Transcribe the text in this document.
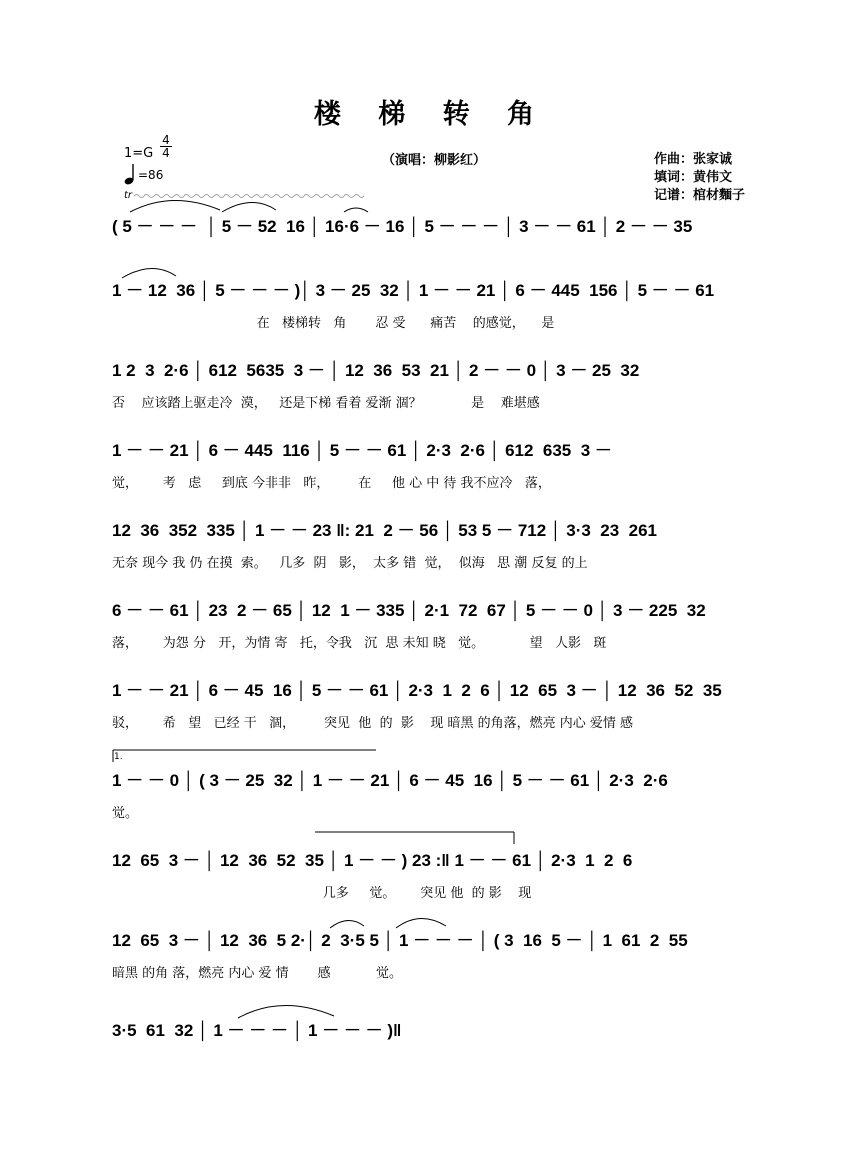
楼 梯 转 角
1=G
4
4
=86
tr
（演唱：柳影红）	作曲：张家诚
填词：黄伟文
记谱：棺材麵子
( 5 － － －  │ 5 － 52  16 │ 16·6 － 16 │ 5 － － － │ 3 － － 61 │ 2 － － 35
1 － 12  36 │ 5 － － － )│ 3 － 25  32 │ 1 － － 21 │ 6 － 445  156 │ 5 － － 61
在   楼梯转   角       忍 受      痛苦    的感觉，    是
1 2  3  2·6 │ 612  5635  3 － │ 12  36  53  21 │ 2 － － 0 │ 3 － 25  32
否    应该踏上驱走冷  漠，   还是下梯 看着 爱渐 涸？            是    难堪感
1 － － 21 │ 6 － 445  116 │ 5 － － 61 │ 2·3  2·6 │ 612  635  3 －
觉，      考   虑     到底 今非非   昨，       在     他 心 中 待 我不应冷   落，
12  36  352  335 │ 1 － － 23 ‖: 21  2 － 56 │ 53 5 － 712 │ 3·3  23  261
无奈 现今 我 仍 在摸  索。   几多  阴   影，  太多 错  觉，  似海   思 潮 反复 的上
6 － － 61 │ 23  2 － 65 │ 12  1 － 335 │ 2·1  72  67 │ 5 － － 0 │ 3 － 225  32
落，      为怨 分   开，为情 寄   托，令我   沉  思 未知 晓   觉。           望   人影   斑
1 － － 21 │ 6 － 45  16 │ 5 － － 61 │ 2·3  1  2  6 │ 12  65  3 － │ 12  36  52  35
驳，      希   望   已经 干   涸，       突见  他  的  影    现 暗黑 的角落，燃亮 内心 爱情 感
1.
1 － － 0 │ ( 3 － 25  32 │ 1 － － 21 │ 6 － 45  16 │ 5 － － 61 │ 2·3  2·6
觉。
12  65  3 － │ 12  36  52  35 │ 1 － － ) 23 :‖ 1 － － 61 │ 2·3  1  2  6
几多     觉。      突见 他  的 影    现
12  65  3 － │ 12  36  5 2·│ 2  3·5 5 │ 1 － － － │ ( 3  16  5 － │ 1  61  2  55
暗黑 的角 落，燃亮 内心 爱 情       感           觉。
3·5  61  32 │ 1 － － － │ 1 － － － )‖
